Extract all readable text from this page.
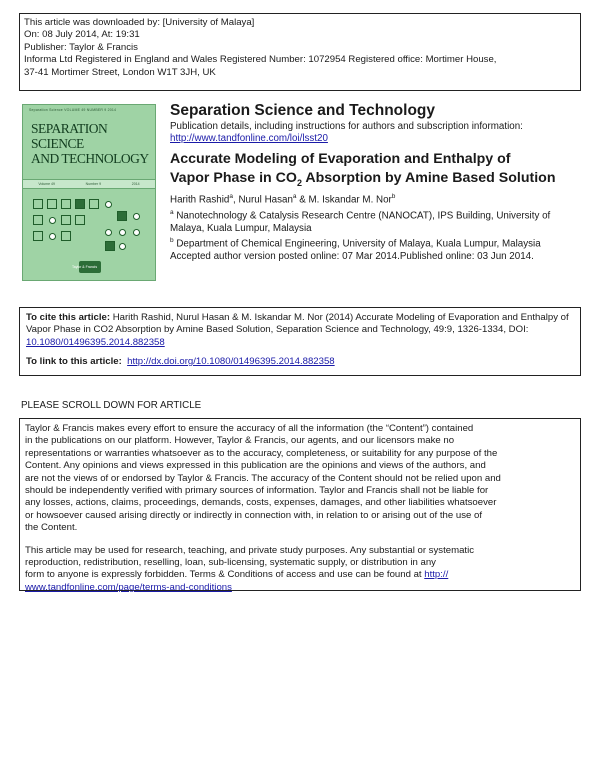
This article was downloaded by: [University of Malaya]
On: 08 July 2014, At: 19:31
Publisher: Taylor & Francis
Informa Ltd Registered in England and Wales Registered Number: 1072954 Registered office: Mortimer House,
37-41 Mortimer Street, London W1T 3JH, UK
Separation Science VOLUME 49 NUMBER 9 2014
SEPARATION SCIENCE
AND TECHNOLOGY
Volume 49	Number 9	2014
Separation Science and Technology
Publication details, including instructions for authors and subscription information:
http://www.tandfonline.com/loi/lsst20
Accurate Modeling of Evaporation and Enthalpy of
Vapor Phase in $CO_2$ Absorption by Amine Based Solution
Harith Rashid$^a$, Nurul Hasan$^a$ & M. Iskandar M. Nor$^b$
$^a$ Nanotechnology & Catalysis Research Centre (NANOCAT), IPS Building, University of Malaya, Kuala Lumpur, Malaysia
$^b$ Department of Chemical Engineering, University of Malaya, Kuala Lumpur, Malaysia
Accepted author version posted online: 07 Mar 2014.Published online: 03 Jun 2014.
To cite this article: Harith Rashid, Nurul Hasan & M. Iskandar M. Nor (2014) Accurate Modeling of Evaporation and Enthalpy of Vapor Phase in CO2 Absorption by Amine Based Solution, Separation Science and Technology, 49:9, 1326-1334, DOI: 10.1080/01496395.2014.882358
To link to this article: http://dx.doi.org/10.1080/01496395.2014.882358
PLEASE SCROLL DOWN FOR ARTICLE

Taylor & Francis makes every effort to ensure the accuracy of all the information (the “Content”) contained
in the publications on our platform. However, Taylor & Francis, our agents, and our licensors make no
representations or warranties whatsoever as to the accuracy, completeness, or suitability for any purpose of the
Content. Any opinions and views expressed in this publication are the opinions and views of the authors, and
are not the views of or endorsed by Taylor & Francis. The accuracy of the Content should not be relied upon and
should be independently verified with primary sources of information. Taylor and Francis shall not be liable for
any losses, actions, claims, proceedings, demands, costs, expenses, damages, and other liabilities whatsoever
or howsoever caused arising directly or indirectly in connection with, in relation to or arising out of the use of
the Content.

This article may be used for research, teaching, and private study purposes. Any substantial or systematic
reproduction, redistribution, reselling, loan, sub-licensing, systematic supply, or distribution in any
form to anyone is expressly forbidden. Terms & Conditions of access and use can be found at http://
www.tandfonline.com/page/terms-and-conditions

Taylor & Francis
